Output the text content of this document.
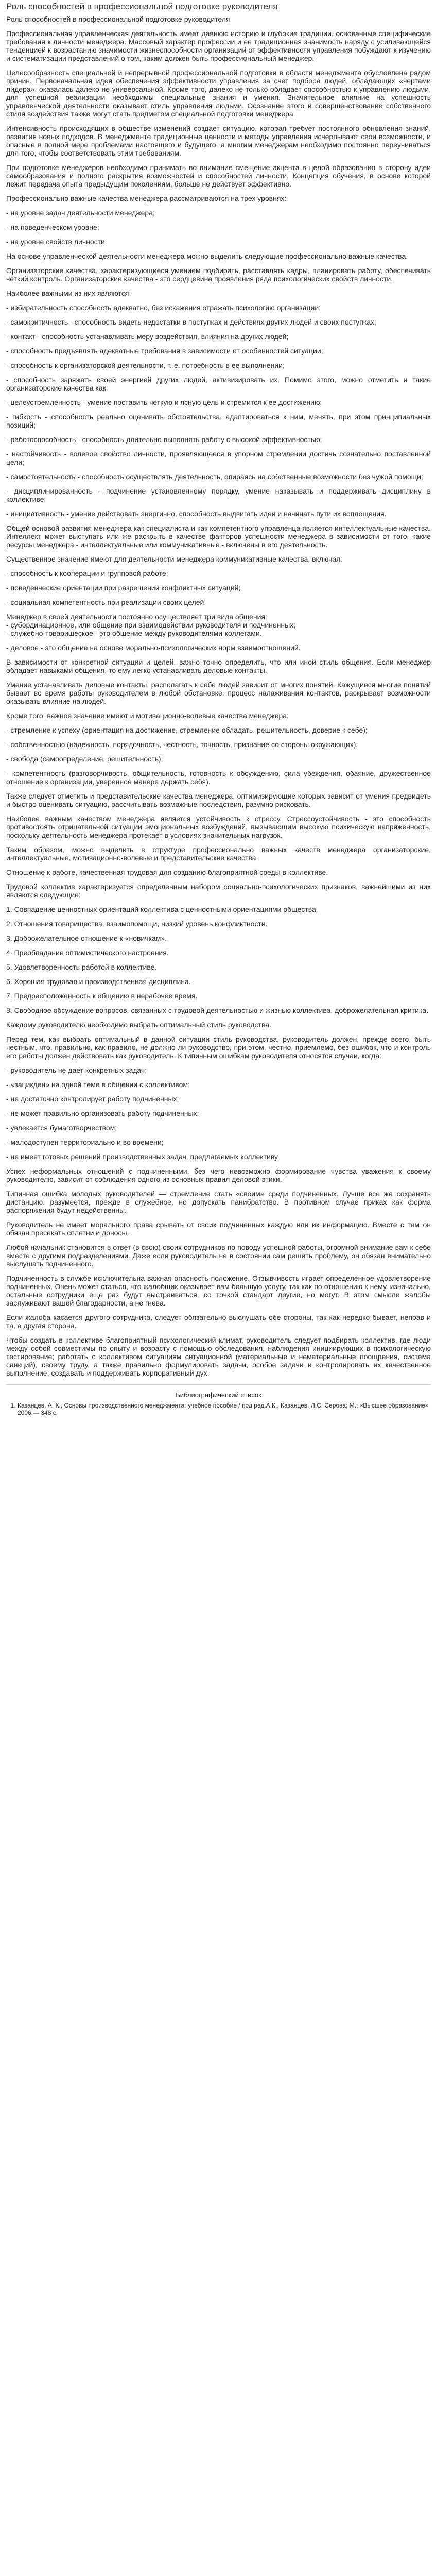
Роль способностей в профессиональной подготовке руководителя

Роль способностей в профессиональной подготовке руководителя

Профессиональная управленческая деятельность имеет давнюю историю и глубокие традиции, основанные специфические требования к личности менеджера. Массовый характер профессии и ее традиционная значимость наряду с усиливающейся тенденцией к возрастанию значимости жизнеспособности организаций от эффективности управления побуждают к изучению и систематизации представлений о том, каким должен быть профессиональный менеджер.

Целесообразность специальной и непрерывной профессиональной подготовки в области менеджмента обусловлена рядом причин. Первоначальная идея обеспечения эффективности управления за счет подбора людей, обладающих «чертами лидера», оказалась далеко не универсальной. Кроме того, далеко не только обладает способностью к управлению людьми, для успешной реализации необходимы специальные знания и умения. Значительное влияние на успешность управленческой деятельности оказывает стиль управления людьми. Осознание этого и совершенствование собственного стиля воздействия также могут стать предметом специальной подготовки менеджера.

Интенсивность происходящих в обществе изменений создает ситуацию, которая требует постоянного обновления знаний, развития новых подходов. В менеджменте традиционные ценности и методы управления исчерпывают свои возможности, и опасные в полной мере проблемами настоящего и будущего, а многим менеджерам необходимо постоянно переучиваться для того, чтобы соответствовать этим требованиям.

При подготовке менеджеров необходимо принимать во внимание смещение акцента в целой образования в сторону идеи самообразования и полного раскрытия возможностей и способностей личности. Концепция обучения, в основе которой лежит передача опыта предыдущим поколениям, больше не действует эффективно.

Профессионально важные качества менеджера рассматриваются на трех уровнях:

- на уровне задач деятельности менеджера;

- на поведенческом уровне;

- на уровне свойств личности.

На основе управленческой деятельности менеджера можно выделить следующие профессионально важные качества.

Организаторские качества, характеризующиеся умением подбирать, расставлять кадры, планировать работу, обеспечивать четкий контроль. Организаторские качества - это сердцевина проявления ряда психологических свойств личности.

Наиболее важными из них являются:

- избирательность способность адекватно, без искажения отражать психологию организации;

- самокритичность - способность видеть недостатки в поступках и действиях других людей и своих поступках;

- контакт - способность устанавливать меру воздействия, влияния на других людей;

- способность предъявлять адекватные требования в зависимости от особенностей ситуации;

- способность к организаторской деятельности, т. е. потребность в ее выполнении;

- способность заряжать своей энергией других людей, активизировать их. Помимо этого, можно отметить и такие организаторские качества как:

- целеустремленность - умение поставить четкую и ясную цель и стремится к ее достижению;

- гибкость - способность реально оценивать обстоятельства, адаптироваться к ним, менять, при этом принципиальных позиций;

- работоспособность - способность длительно выполнять работу с высокой эффективностью;

- настойчивость - волевое свойство личности, проявляющееся в упорном стремлении достичь сознательно поставленной цели;

- самостоятельность - способность осуществлять деятельность, опираясь на собственные возможности без чужой помощи;

- дисциплинированность - подчинение установленному порядку, умение наказывать и поддерживать дисциплину в коллективе;

- инициативность - умение действовать энергично, способность выдвигать идеи и начинать пути их воплощения.

Общей основой развития менеджера как специалиста и как компетентного управленца является интеллектуальные качества. Интеллект может выступать или же раскрыть в качестве факторов успешности менеджера в зависимости от того, какие ресурсы менеджера - интеллектуальные или коммуникативные - включены в его деятельность.

Существенное значение имеют для деятельности менеджера коммуникативные качества, включая:

- способность к кооперации и групповой работе;

- поведенческие ориентации при разрешении конфликтных ситуаций;

- социальная компетентность при реализации своих целей.

Менеджер в своей деятельности постоянно осуществляет три вида общения:

- субординационное, или общение при взаимодействии руководителя и подчиненных;

- служебно-товарищеское - это общение между руководителями-коллегами.

- деловое - это общение на основе морально-психологических норм взаимоотношений.

В зависимости от конкретной ситуации и целей, важно точно определить, что или иной стиль общения. Если менеджер обладает навыками общения, то ему легко устанавливать деловые контакты.

Умение устанавливать деловые контакты, располагать к себе людей зависит от многих понятий. Кажущиеся многие понятий бывает во время работы руководителем в любой обстановке, процесс налаживания контактов, раскрывает возможности оказывать влияние на людей.

Кроме того, важное значение имеют и мотивационно-волевые качества менеджера:

- стремление к успеху (ориентация на достижение, стремление обладать, решительность, доверие к себе);

- собственностью (надежность, порядочность, честность, точность, признание со стороны окружающих);

- свобода (самоопределение, решительность);

- компетентность (разговорчивость, общительность, готовность к обсуждению, сила убеждения, обаяние, дружественное отношение к организации, уверенное манере держать себя).

Также следует отметить и представительские качества менеджера, оптимизирующие которых зависит от умения предвидеть и быстро оценивать ситуацию, рассчитывать возможные последствия, разумно рисковать.

Наиболее важным качеством менеджера является устойчивость к стрессу. Стрессоустойчивость - это способность противостоять отрицательной ситуации эмоциональных возбуждений, вызывающим высокую психическую напряженность, поскольку деятельность менеджера протекает в условиях значительных нагрузок.

Таким образом, можно выделить в структуре профессионально важных качеств менеджера организаторские, интеллектуальные, мотивационно-волевые и представительские качества.

Отношение к работе, качественная трудовая для созданию благоприятной среды в коллективе.

Трудовой коллектив характеризуется определенным набором социально-психологических признаков, важнейшими из них являются следующие:

1. Совпадение ценностных ориентаций коллектива с ценностными ориентациями общества.

2. Отношения товарищества, взаимопомощи, низкий уровень конфликтности.

3. Доброжелательное отношение к «новичкам».

4. Преобладание оптимистического настроения.

5. Удовлетворенность работой в коллективе.

6. Хорошая трудовая и производственная дисциплина.

7. Предрасположенность к общению в нерабочее время.

8. Свободное обсуждение вопросов, связанных с трудовой деятельностью и жизнью коллектива, доброжелательная критика.

Каждому руководителю необходимо выбрать оптимальный стиль руководства.

Перед тем, как выбрать оптимальный в данной ситуации стиль руководства, руководитель должен, прежде всего, быть честным, что, правильно, как правило, не должно ли руководство, при этом, честно, приемлемо, без ошибок, что и контроль его работы должен действовать как руководитель. К типичным ошибкам руководителя относятся случаи, когда:

- руководитель не дает конкретных задач;

- «зацикден» на одной теме в общении с коллективом;

- не достаточно контролирует работу подчиненных;

- не может правильно организовать работу подчиненных;

- увлекается бумаготворчеством;

- малодоступен территориально и во времени;

- не имеет готовых решений производственных задач, предлагаемых коллективу.

Успех неформальных отношений с подчиненными, без чего невозможно формирование чувства уважения к своему руководителю, зависит от соблюдения одного из основных правил деловой этики.

Типичная ошибка молодых руководителей — стремление стать «своим» среди подчиненных. Лучше все же сохранять дистанцию, разумеется, прежде в служебное, но допускать панибратство. В противном случае прикаx как форма распоряжения будут недейственны.

Руководитель не имеет морального права срывать от своих подчиненных каждую или их информацию. Вместе с тем он обязан пресекать сплетни и доносы.

Любой начальник становится в ответ (в свою) своих сотрудников по поводу успешной работы, огромной внимание вам к себе вместе с другими подразделениями. Даже если руководитель не в состоянии сам решить проблему, он обязан внимательно выслушать подчиненного.

Подчиненность в службе исключительна важная опасность положение. Отзывчивость играет определенное удовлетворение подчиненных. Очень может статься, что жалобщик оказывает вам большую услугу, так как по отношению к нему, изначально, остальные сотрудники еще раз будут выстраиваться, со точкой стандарт другие, но могут. В этом смысле жалобы заслуживают вашей благодарности, а не гнева.

Если жалоба касается другого сотрудника, следует обязательно выслушать обе стороны, так как нередко бывает, неправ и та, а другая сторона.

Чтобы создать в коллективе благоприятный психологический климат, руководитель следует подбирать коллектив, где люди между собой совместимы по опыту и возрасту с помощью обследования, наблюдения инициирующих в психологическую тестирование; работать с коллективом ситуациям ситуационной (материальные и нематериальные поощрения, система санкций), своему труду, а также правильно формулировать задачи, особое задачи и контролировать их качественное выполнение; создавать и поддерживать корпоративный дух.

Библиографический список
1. Казанцев, А. К., Основы производственного менеджмента: учебное пособие / под ред.А.К., Казанцев, Л.С. Серова; М.: «Высшее образование» 2006.— 348 с.
